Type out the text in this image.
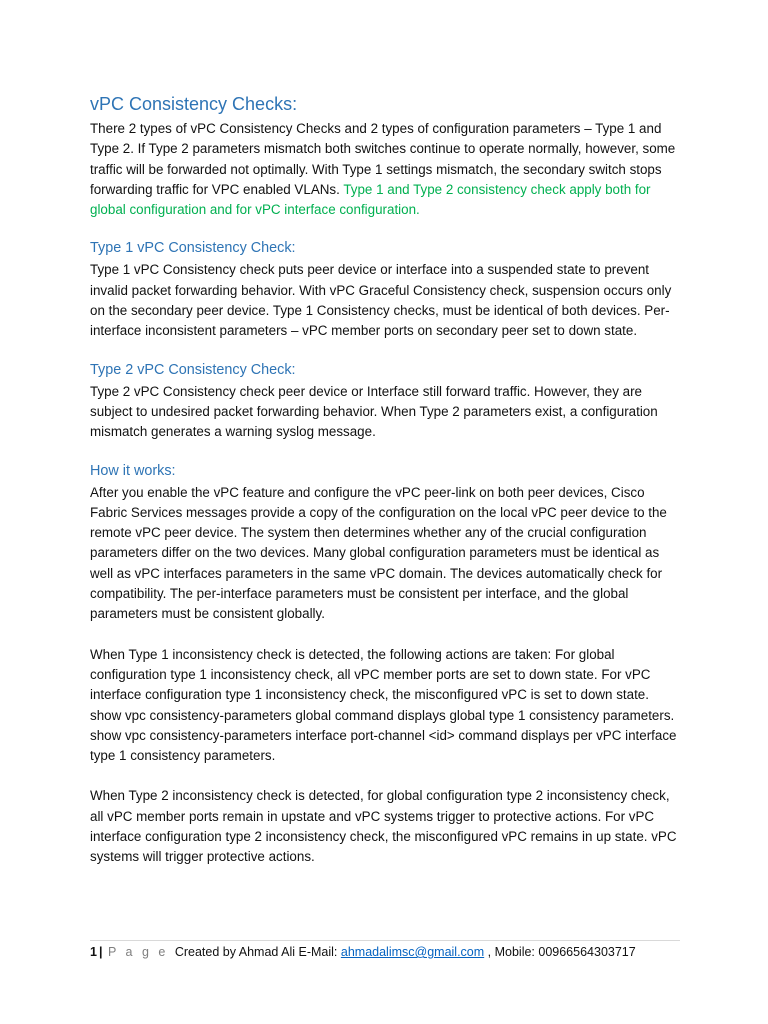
vPC Consistency Checks:

There 2 types of vPC Consistency Checks and 2 types of configuration parameters – Type 1 and Type 2. If Type 2 parameters mismatch both switches continue to operate normally, however, some traffic will be forwarded not optimally. With Type 1 settings mismatch, the secondary switch stops forwarding traffic for VPC enabled VLANs. Type 1 and Type 2 consistency check apply both for global configuration and for vPC interface configuration.

Type 1 vPC Consistency Check:

Type 1 vPC Consistency check puts peer device or interface into a suspended state to prevent invalid packet forwarding behavior. With vPC Graceful Consistency check, suspension occurs only on the secondary peer device. Type 1 Consistency checks, must be identical of both devices. Per-interface inconsistent parameters – vPC member ports on secondary peer set to down state.

Type 2 vPC Consistency Check:

Type 2 vPC Consistency check peer device or Interface still forward traffic. However, they are subject to undesired packet forwarding behavior. When Type 2 parameters exist, a configuration mismatch generates a warning syslog message.

How it works:

After you enable the vPC feature and configure the vPC peer-link on both peer devices, Cisco Fabric Services messages provide a copy of the configuration on the local vPC peer device to the remote vPC peer device. The system then determines whether any of the crucial configuration parameters differ on the two devices. Many global configuration parameters must be identical as well as vPC interfaces parameters in the same vPC domain. The devices automatically check for compatibility. The per-interface parameters must be consistent per interface, and the global parameters must be consistent globally.

When Type 1 inconsistency check is detected, the following actions are taken: For global configuration type 1 inconsistency check, all vPC member ports are set to down state. For vPC interface configuration type 1 inconsistency check, the misconfigured vPC is set to down state. show vpc consistency-parameters global command displays global type 1 consistency parameters. show vpc consistency-parameters interface port-channel <id> command displays per vPC interface type 1 consistency parameters.

When Type 2 inconsistency check is detected, for global configuration type 2 inconsistency check, all vPC member ports remain in upstate and vPC systems trigger to protective actions. For vPC interface configuration type 2 inconsistency check, the misconfigured vPC remains in up state. vPC systems will trigger protective actions.

1 | P a g e Created by Ahmad Ali E-Mail: ahmadalimsc@gmail.com , Mobile: 00966564303717
